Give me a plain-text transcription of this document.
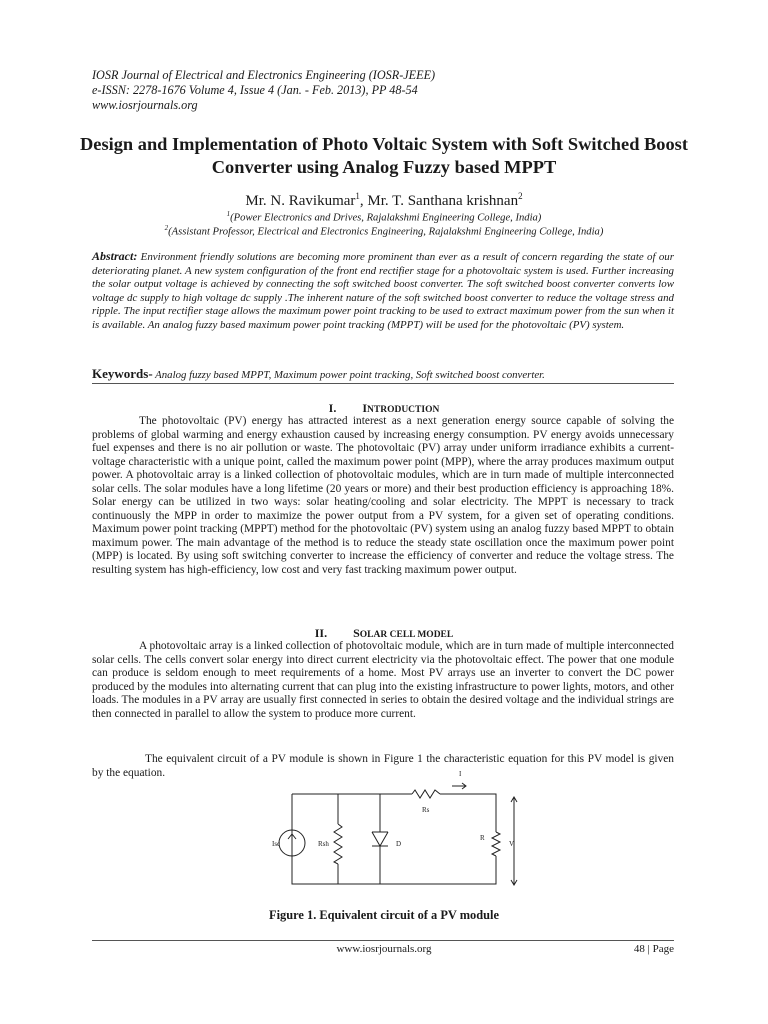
IOSR Journal of Electrical and Electronics Engineering (IOSR-JEEE)
e-ISSN: 2278-1676 Volume 4, Issue 4 (Jan. - Feb. 2013), PP 48-54
www.iosrjournals.org
Design and Implementation of Photo Voltaic System with Soft Switched Boost Converter using Analog Fuzzy based MPPT
Mr. N. Ravikumar$^1$, Mr. T. Santhana krishnan$^2$
$^1$(Power Electronics and Drives, Rajalakshmi Engineering College, India)
$^2$(Assistant Professor, Electrical and Electronics Engineering, Rajalakshmi Engineering College, India)
Abstract: Environment friendly solutions are becoming more prominent than ever as a result of concern regarding the state of our deteriorating planet. A new system configuration of the front end rectifier stage for a photovoltaic system is used. Further increasing the solar output voltage is achieved by connecting the soft switched boost converter. The soft switched boost converter converts low voltage dc supply to high voltage dc supply .The inherent nature of the soft switched boost converter to reduce the voltage stress and ripple. The input rectifier stage allows the maximum power point tracking to be used to extract maximum power from the sun when it is available. An analog fuzzy based maximum power point tracking (MPPT) will be used for the photovoltaic (PV) system.
Keywords- Analog fuzzy based MPPT, Maximum power point tracking, Soft switched boost converter.
I. INTRODUCTION
The photovoltaic (PV) energy has attracted interest as a next generation energy source capable of solving the problems of global warming and energy exhaustion caused by increasing energy consumption. PV energy avoids unnecessary fuel expenses and there is no air pollution or waste. The photovoltaic (PV) array under uniform irradiance exhibits a current-voltage characteristic with a unique point, called the maximum power point (MPP), where the array produces maximum output power. A photovoltaic array is a linked collection of photovoltaic modules, which are in turn made of multiple interconnected solar cells. The solar modules have a long lifetime (20 years or more) and their best production efficiency is approaching 18%. Solar energy can be utilized in two ways: solar heating/cooling and solar electricity. The MPPT is necessary to track continuously the MPP in order to maximize the power output from a PV system, for a given set of operating conditions. Maximum power point tracking (MPPT) method for the photovoltaic (PV) system using an analog fuzzy based MPPT to obtain maximum power. The main advantage of the method is to reduce the steady state oscillation once the maximum power point (MPP) is located. By using soft switching converter to increase the efficiency of converter and reduce the voltage stress. The resulting system has high-efficiency, low cost and very fast tracking maximum power output.
II. SOLAR CELL MODEL
A photovoltaic array is a linked collection of photovoltaic module, which are in turn made of multiple interconnected solar cells. The cells convert solar energy into direct current electricity via the photovoltaic effect. The power that one module can produce is seldom enough to meet requirements of a home. Most PV arrays use an inverter to convert the DC power produced by the modules into alternating current that can plug into the existing infrastructure to power lights, motors, and other loads. The modules in a PV array are usually first connected in series to obtain the desired voltage and the individual strings are then connected in parallel to allow the system to produce more current.
The equivalent circuit of a PV module is shown in Figure 1 the characteristic equation for this PV model is given by the equation.	I
Rs
Isc	Rsh	D
R
V
Figure 1. Equivalent circuit of a PV module
www.iosrjournals.org	48 | Page
